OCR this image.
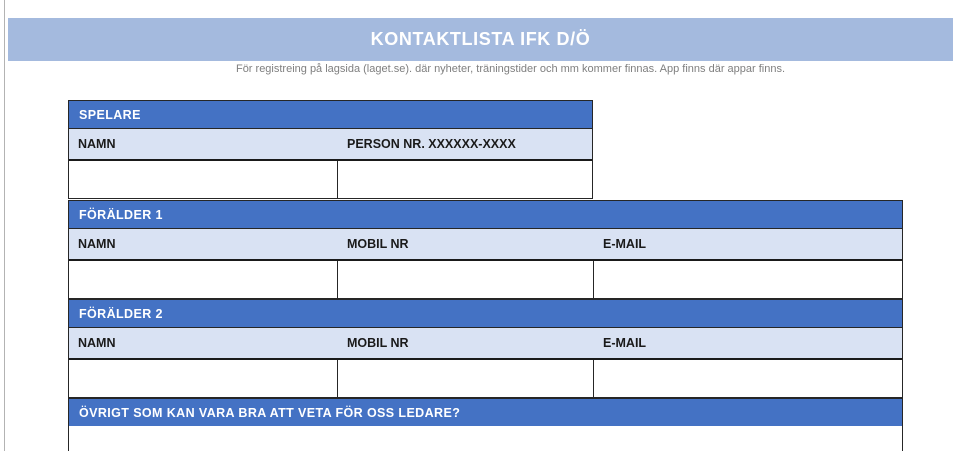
KONTAKTLISTA IFK D/Ö
För registreing på lagsida (laget.se). där nyheter, träningstider och mm kommer finnas. App finns där appar finns.
SPELARE
NAMN	PERSON NR. XXXXXX-XXXX
FÖRÄLDER 1
NAMN	MOBIL NR	E-MAIL
FÖRÄLDER 2
NAMN	MOBIL NR	E-MAIL
ÖVRIGT SOM KAN VARA BRA ATT VETA FÖR OSS LEDARE?
